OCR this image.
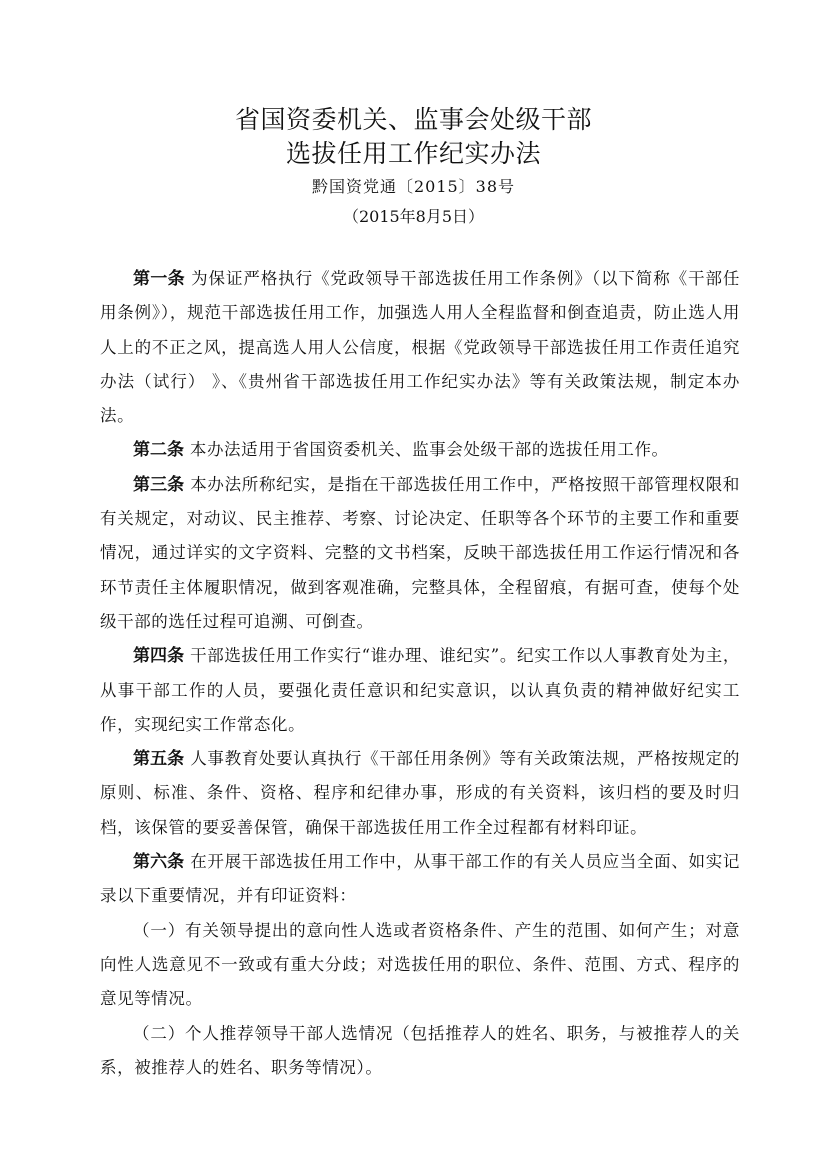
省国资委机关、监事会处级干部
选拔任用工作纪实办法
黔国资党通〔2015〕38号
（2015年8月5日）

第一条 为保证严格执行《党政领导干部选拔任用工作条例》（以下简称《干部任用条例》），规范干部选拔任用工作，加强选人用人全程监督和倒查追责，防止选人用人上的不正之风，提高选人用人公信度，根据《党政领导干部选拔任用工作责任追究办法（试行） 》、《贵州省干部选拔任用工作纪实办法》等有关政策法规，制定本办法。

第二条 本办法适用于省国资委机关、监事会处级干部的选拔任用工作。

第三条 本办法所称纪实，是指在干部选拔任用工作中，严格按照干部管理权限和有关规定，对动议、民主推荐、考察、讨论决定、任职等各个环节的主要工作和重要情况，通过详实的文字资料、完整的文书档案，反映干部选拔任用工作运行情况和各环节责任主体履职情况，做到客观准确，完整具体，全程留痕，有据可查，使每个处级干部的选任过程可追溯、可倒查。

第四条 干部选拔任用工作实行“谁办理、谁纪实”。纪实工作以人事教育处为主，从事干部工作的人员，要强化责任意识和纪实意识，以认真负责的精神做好纪实工作，实现纪实工作常态化。

第五条 人事教育处要认真执行《干部任用条例》等有关政策法规，严格按规定的原则、标准、条件、资格、程序和纪律办事，形成的有关资料，该归档的要及时归档，该保管的要妥善保管，确保干部选拔任用工作全过程都有材料印证。

第六条 在开展干部选拔任用工作中，从事干部工作的有关人员应当全面、如实记录以下重要情况，并有印证资料：

（一）有关领导提出的意向性人选或者资格条件、产生的范围、如何产生；对意向性人选意见不一致或有重大分歧；对选拔任用的职位、条件、范围、方式、程序的意见等情况。

（二）个人推荐领导干部人选情况（包括推荐人的姓名、职务，与被推荐人的关系，被推荐人的姓名、职务等情况）。
